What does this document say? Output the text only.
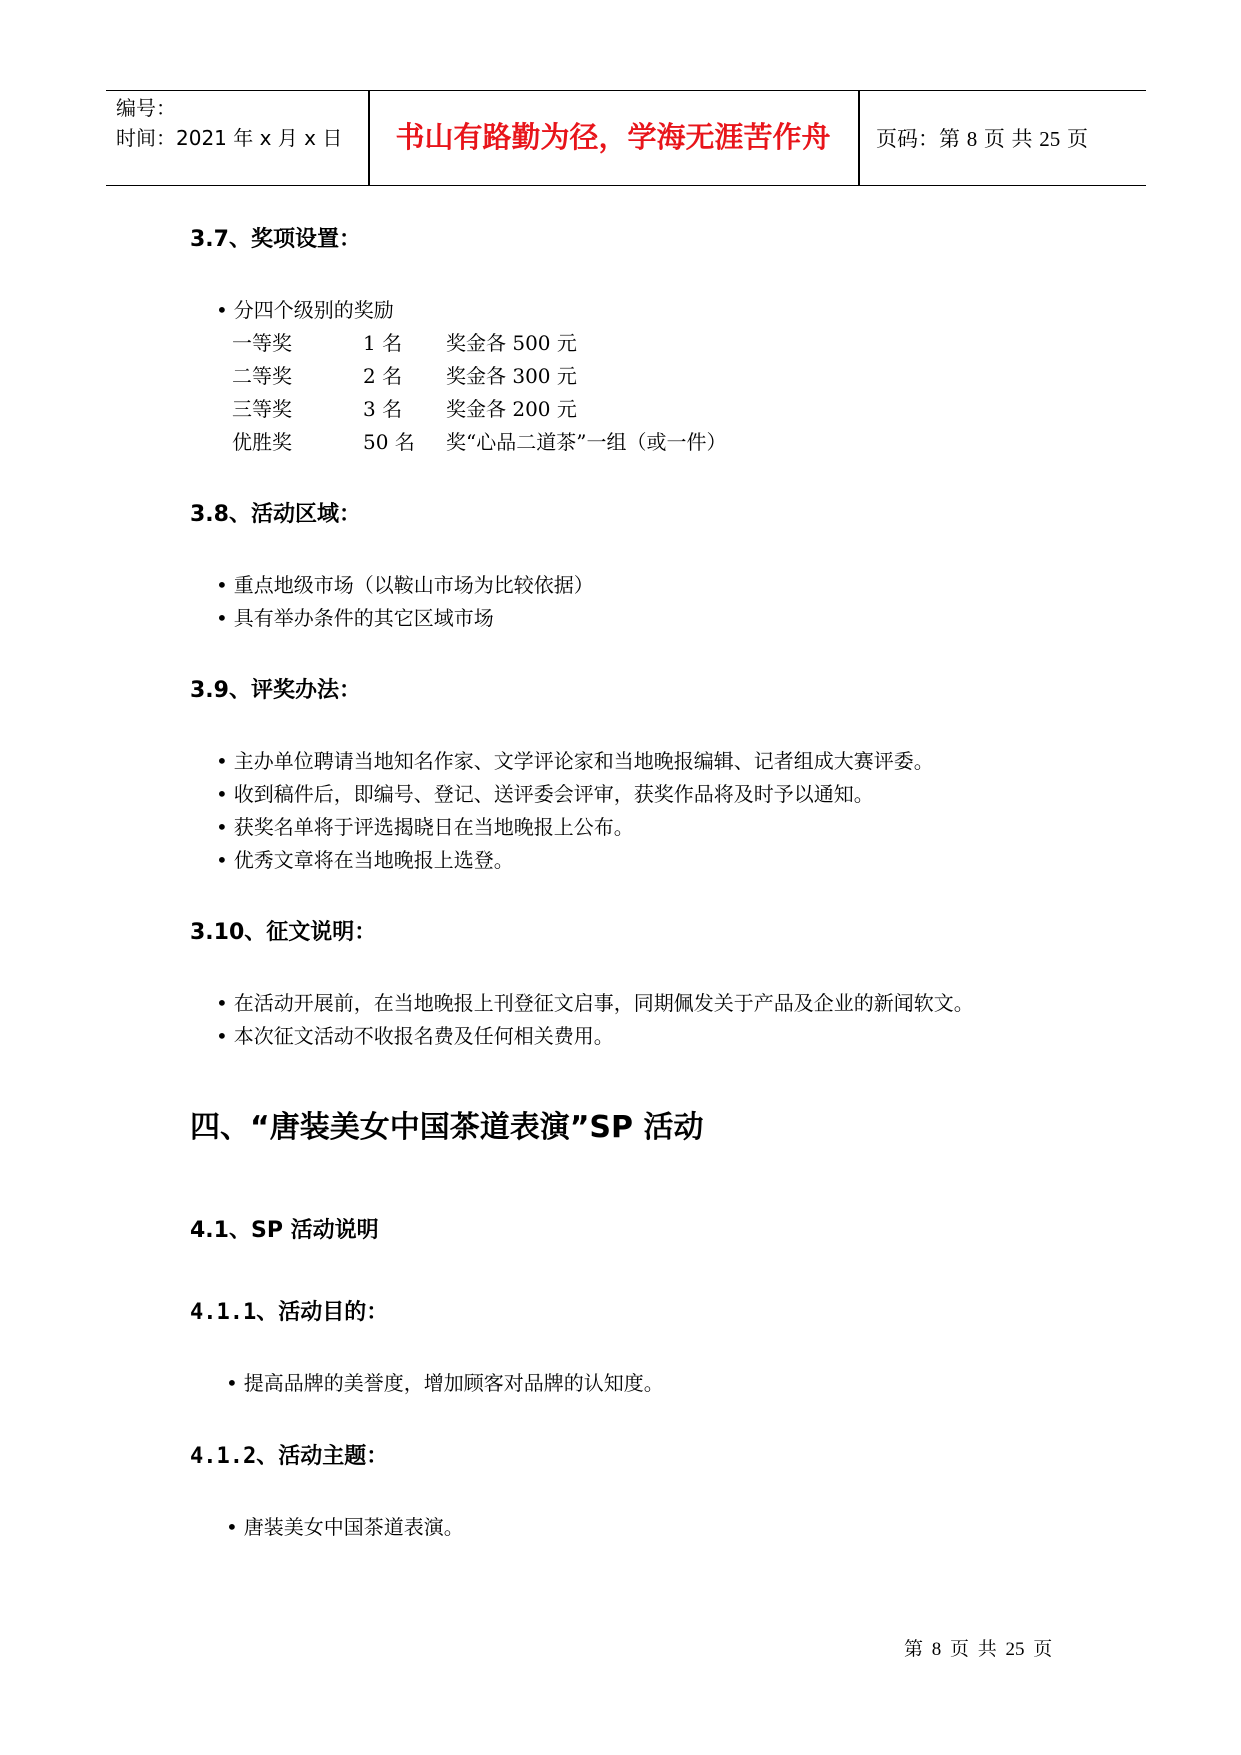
编号：
时间：2021 年 x 月 x 日	书山有路勤为径，学海无涯苦作舟	页码：第 8 页 共 25 页
3.7、奖项设置：
• 分四个级别的奖励
一等奖	1 名 奖金各 500 元
二等奖	2 名 奖金各 300 元
三等奖	3 名 奖金各 200 元
优胜奖	50 名 奖“心品二道茶”一组（或一件）
3.8、活动区域：
• 重点地级市场（以鞍山市场为比较依据）
• 具有举办条件的其它区域市场
3.9、评奖办法：
• 主办单位聘请当地知名作家、文学评论家和当地晚报编辑、记者组成大赛评委。
• 收到稿件后，即编号、登记、送评委会评审，获奖作品将及时予以通知。
• 获奖名单将于评选揭晓日在当地晚报上公布。
• 优秀文章将在当地晚报上选登。
3.10、征文说明：
• 在活动开展前，在当地晚报上刊登征文启事，同期佩发关于产品及企业的新闻软文。
• 本次征文活动不收报名费及任何相关费用。
四、“唐装美女中国茶道表演”SP 活动
4.1、SP 活动说明
4.1.1、活动目的：
• 提高品牌的美誉度，增加顾客对品牌的认知度。
4.1.2、活动主题：
• 唐装美女中国茶道表演。
第 8 页 共 25 页
